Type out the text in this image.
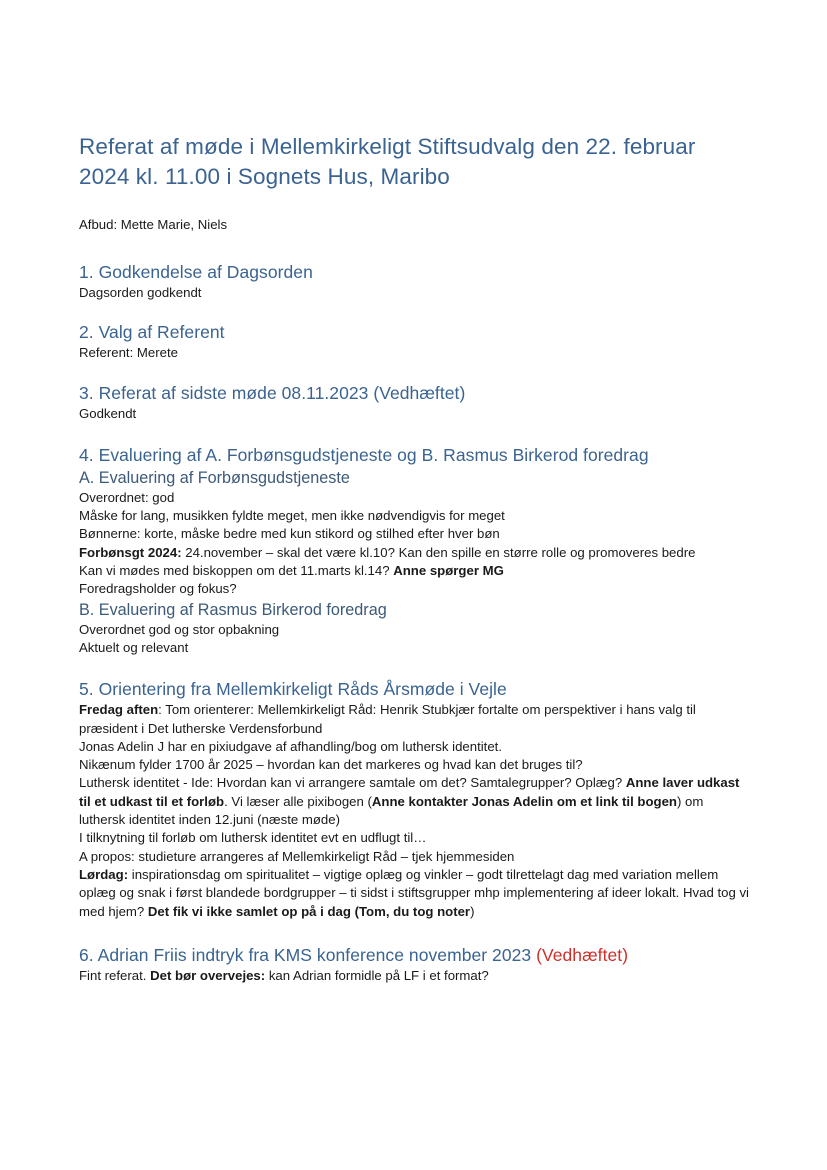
Referat af møde i Mellemkirkeligt Stiftsudvalg den 22. februar 2024 kl. 11.00 i Sognets Hus, Maribo

Afbud: Mette Marie, Niels

1. Godkendelse af Dagsorden

Dagsorden godkendt

2. Valg af Referent

Referent: Merete

3. Referat af sidste møde 08.11.2023 (Vedhæftet)

Godkendt

4. Evaluering af A. Forbønsgudstjeneste og B. Rasmus Birkerod foredrag
A. Evaluering af Forbønsgudstjeneste

Overordnet: god

Måske for lang, musikken fyldte meget, men ikke nødvendigvis for meget

Bønnerne: korte, måske bedre med kun stikord og stilhed efter hver bøn

Forbønsgt 2024: 24.november – skal det være kl.10? Kan den spille en større rolle og promoveres bedre

Kan vi mødes med biskoppen om det 11.marts kl.14? Anne spørger MG

Foredragsholder og fokus?

B. Evaluering af Rasmus Birkerod foredrag

Overordnet god og stor opbakning

Aktuelt og relevant

5. Orientering fra Mellemkirkeligt Råds Årsmøde i Vejle

Fredag aften: Tom orienterer: Mellemkirkeligt Råd: Henrik Stubkjær fortalte om perspektiver i hans valg til præsident i Det lutherske Verdensforbund

Jonas Adelin J har en pixiudgave af afhandling/bog om luthersk identitet.

Nikænum fylder 1700 år 2025 – hvordan kan det markeres og hvad kan det bruges til?

Luthersk identitet - Ide: Hvordan kan vi arrangere samtale om det? Samtalegrupper? Oplæg? Anne laver udkast til et udkast til et forløb. Vi læser alle pixibogen (Anne kontakter Jonas Adelin om et link til bogen) om luthersk identitet inden 12.juni (næste møde)

I tilknytning til forløb om luthersk identitet evt en udflugt til…

A propos: studieture arrangeres af Mellemkirkeligt Råd – tjek hjemmesiden

Lørdag: inspirationsdag om spiritualitet – vigtige oplæg og vinkler – godt tilrettelagt dag med variation mellem oplæg og snak i først blandede bordgrupper – ti sidst i stiftsgrupper mhp implementering af ideer lokalt. Hvad tog vi med hjem? Det fik vi ikke samlet op på i dag (Tom, du tog noter)

6. Adrian Friis indtryk fra KMS konference november 2023 (Vedhæftet)

Fint referat. Det bør overvejes: kan Adrian formidle på LF i et format?
